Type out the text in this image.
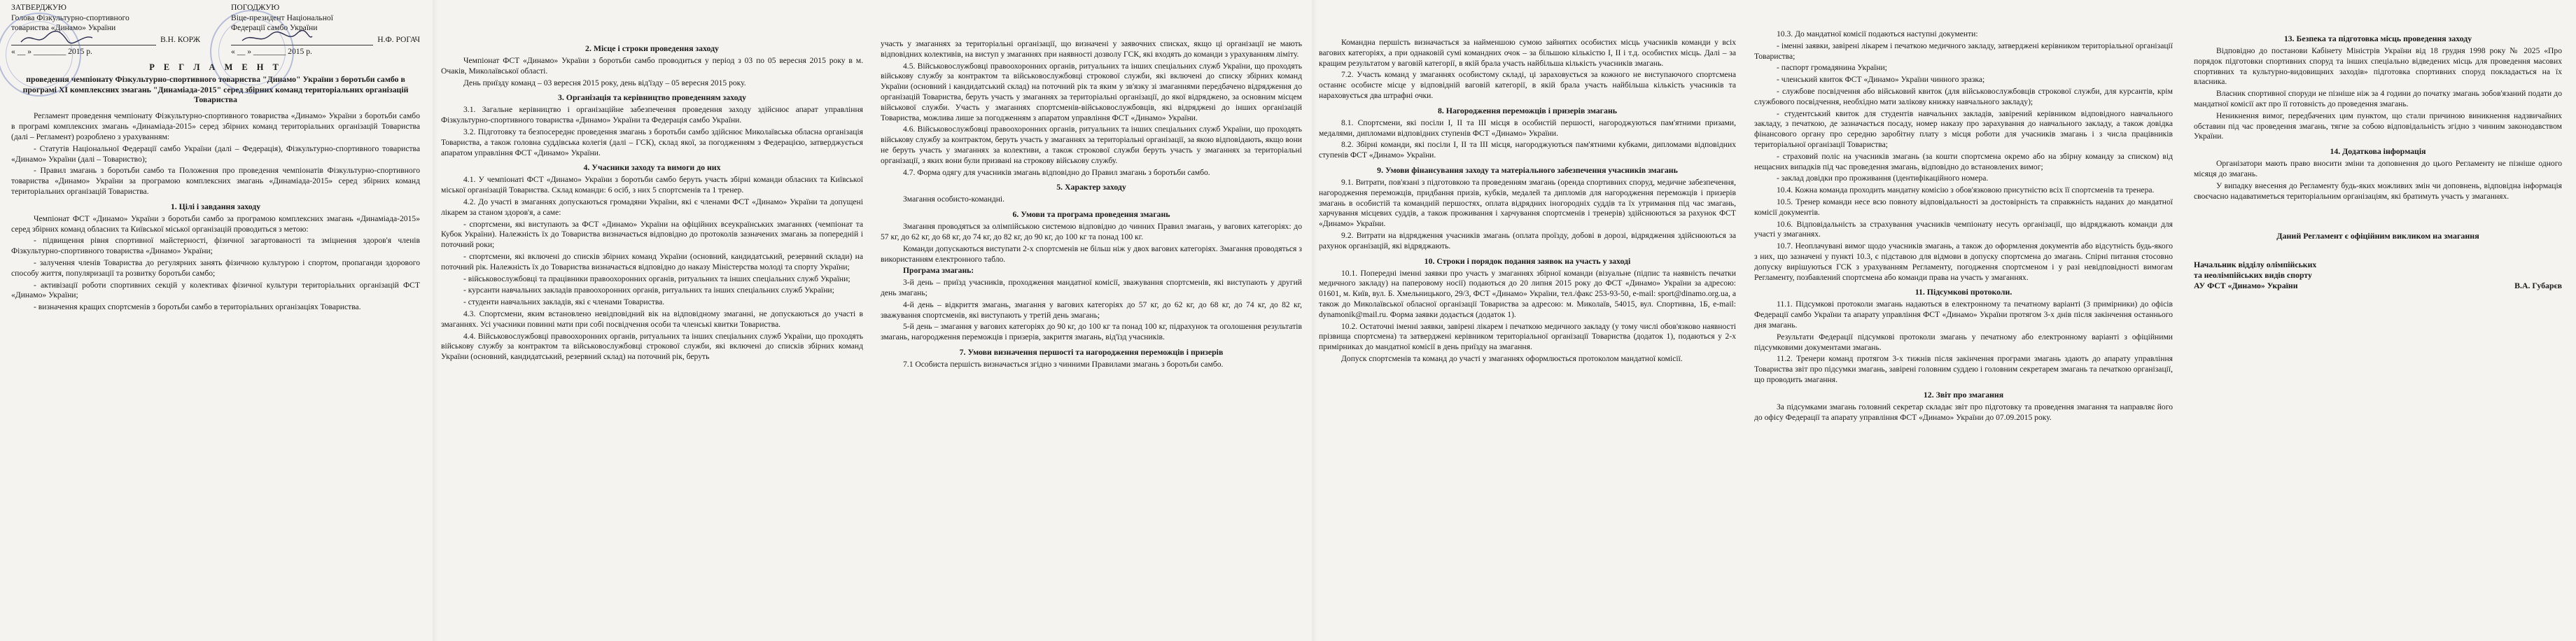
ЗАТВЕРДЖУЮ
Голова Фізкультурно-спортивного
товариства «Динамо» України
В.Н. КОРЖ
« __ » ________ 2015 р.
ПОГОДЖУЮ
Віце-президент Національної
Федерації самбо України
Н.Ф. РОГАЧ
« __ » ________ 2015 р.
Р Е Г Л А М Е Н Т
проведення чемпіонату Фізкультурно-спортивного товариства "Динамо" України з боротьби самбо в програмі XI комплексних змагань "Динаміада-2015" серед збірних команд територіальних організацій Товариства

Регламент проведення чемпіонату Фізкультурно-спортивного товариства «Динамо» України з боротьби самбо в програмі комплексних змагань «Динаміада-2015» серед збірних команд територіальних організацій Товариства (далі – Регламент) розроблено з урахуванням:

- Статутів Національної Федерації самбо України (далі – Федерація), Фізкультурно-спортивного товариства «Динамо» України (далі – Товариство);

- Правил змагань з боротьби самбо та Положення про проведення чемпіонатів Фізкультурно-спортивного товариства «Динамо» України за програмою комплексних змагань «Динаміада-2015» серед збірних команд територіальних організацій Товариства.

1. Цілі і завдання заходу

Чемпіонат ФСТ «Динамо» України з боротьби самбо за програмою комплексних змагань «Динаміада-2015» серед збірних команд обласних та Київської міської організацій проводиться з метою:

- підвищення рівня спортивної майстерності, фізичної загартованості та зміцнення здоров'я членів Фізкультурно-спортивного товариства «Динамо» України;

- залучення членів Товариства до регулярних занять фізичною культурою і спортом, пропаганди здорового способу життя, популяризації та розвитку боротьби самбо;

- активізації роботи спортивних секцій у колективах фізичної культури територіальних організацій ФСТ «Динамо» України;

- визначення кращих спортсменів з боротьби самбо в територіальних організаціях Товариства.

2. Місце і строки проведення заходу

Чемпіонат ФСТ «Динамо» України з боротьби самбо проводиться у період з 03 по 05 вересня 2015 року в м. Очаків, Миколаївської області.

День приїзду команд – 03 вересня 2015 року, день від'їзду – 05 вересня 2015 року.

3. Організація та керівництво проведенням заходу

3.1. Загальне керівництво і організаційне забезпечення проведення заходу здійснює апарат управління Фізкультурно-спортивного товариства «Динамо» України та Федерація самбо України.

3.2. Підготовку та безпосереднє проведення змагань з боротьби самбо здійснює Миколаївська обласна організація Товариства, а також головна суддівська колегія (далі – ГСК), склад якої, за погодженням з Федерацією, затверджується апаратом управління ФСТ «Динамо» України.

4. Учасники заходу та вимоги до них

4.1. У чемпіонаті ФСТ «Динамо» України з боротьби самбо беруть участь збірні команди обласних та Київської міської організацій Товариства. Склад команди: 6 осіб, з них 5 спортсменів та 1 тренер.

4.2. До участі в змаганнях допускаються громадяни України, які є членами ФСТ «Динамо» України та допущені лікарем за станом здоров'я, а саме:

- спортсмени, які виступають за ФСТ «Динамо» України на офіційних всеукраїнських змаганнях (чемпіонат та Кубок України). Належність їх до Товариства визначається відповідно до протоколів зазначених змагань за попередній і поточний роки;

- спортсмени, які включені до списків збірних команд України (основний, кандидатський, резервний склади) на поточний рік. Належність їх до Товариства визначається відповідно до наказу Міністерства молоді та спорту України;

- військовослужбовці та працівники правоохоронних органів, ритуальних та інших спеціальних служб України;

- курсанти навчальних закладів правоохоронних органів, ритуальних та інших спеціальних служб України;

- студенти навчальних закладів, які є членами Товариства.

4.3. Спортсмени, яким встановлено невідповідний вік на відповідному змаганні, не допускаються до участі в змаганнях. Усі учасники повинні мати при собі посвідчення особи та членські квитки Товариства.

4.4. Військовослужбовці правоохоронних органів, ритуальних та інших спеціальних служб України, що проходять військову службу за контрактом та військовослужбовці строкової служби, які включені до списків збірних команд України (основний, кандидатський, резервний склад) на поточний рік, беруть

участь у змаганнях за територіальні організації, що визначені у заявочних списках, якщо ці організації не мають відповідних колективів, на виступ у змаганнях при наявності дозволу ГСК, які входять до команди з урахуванням ліміту.

4.5. Військовослужбовці правоохоронних органів, ритуальних та інших спеціальних служб України, що проходять військову службу за контрактом та військовослужбовці строкової служби, які включені до списку збірних команд України (основний і кандидатський склад) на поточний рік та яким у зв'язку зі змаганнями передбачено відрядження до організацій Товариства, беруть участь у змаганнях за територіальні організації, до якої відряджено, за основним місцем військової служби. Участь у змаганнях спортсменів-військовослужбовців, які відряджені до інших організацій Товариства, можлива лише за погодженням з апаратом управління ФСТ «Динамо» України.

4.6. Військовослужбовці правоохоронних органів, ритуальних та інших спеціальних служб України, що проходять військову службу за контрактом, беруть участь у змаганнях за територіальні організації, за якою відповідають, якщо вони не беруть участь у змаганнях за колективи, а також строкової служби беруть участь у змаганнях за територіальні організації, з яких вони були призвані на строкову військову службу.

4.7. Форма одягу для учасників змагань відповідно до Правил змагань з боротьби самбо.

5. Характер заходу

Змагання особисто-командні.

6. Умови та програма проведення змагань

Змагання проводяться за олімпійською системою відповідно до чинних Правил змагань, у вагових категоріях: до 57 кг, до 62 кг, до 68 кг, до 74 кг, до 82 кг, до 90 кг, до 100 кг та понад 100 кг.

Команди допускаються виступати 2-х спортсменів не більш ніж у двох вагових категоріях. Змагання проводяться з використанням електронного табло.

Програма змагань:

3-й день – приїзд учасників, проходження мандатної комісії, зважування спортсменів, які виступають у другий день змагань;

4-й день – відкриття змагань, змагання у вагових категоріях до 57 кг, до 62 кг, до 68 кг, до 74 кг, до 82 кг, зважування спортсменів, які виступають у третій день змагань;

5-й день – змагання у вагових категоріях до 90 кг, до 100 кг та понад 100 кг, підрахунок та оголошення результатів змагань, нагородження переможців і призерів, закриття змагань, від'їзд учасників.

7. Умови визначення першості та нагородження переможців і призерів

7.1 Особиста першість визначається згідно з чинними Правилами змагань з боротьби самбо.

Командна першість визначається за найменшою сумою зайнятих особистих місць учасників команди у всіх вагових категоріях, а при однаковій сумі командних очок – за більшою кількістю I, II і т.д. особистих місць. Далі – за кращим результатом у ваговій категорії, в якій брала участь найбільша кількість учасників змагань.

7.2. Участь команд у змаганнях особистому складі, ці зараховується за кожного не виступаючого спортсмена останнє особисте місце у відповідній ваговій категорії, в якій брала участь найбільша кількість учасників та нараховується два штрафні очки.

8. Нагородження переможців і призерів змагань

8.1. Спортсмени, які посіли I, II та III місця в особистій першості, нагороджуються пам'ятними призами, медалями, дипломами відповідних ступенів ФСТ «Динамо» України.

8.2. Збірні команди, які посіли I, II та III місця, нагороджуються пам'ятними кубками, дипломами відповідних ступенів ФСТ «Динамо» України.

9. Умови фінансування заходу та матеріального забезпечення учасників змагань

9.1. Витрати, пов'язані з підготовкою та проведенням змагань (оренда спортивних споруд, медичне забезпечення, нагородження переможців, придбання призів, кубків, медалей та дипломів для нагородження переможців і призерів змагань в особистій та командній першостях, оплата відрядних іногородніх суддів та їх утримання під час змагань, харчування місцевих суддів, а також проживання і харчування спортсменів і тренерів) здійснюються за рахунок ФСТ «Динамо» України.

9.2. Витрати на відрядження учасників змагань (оплата проїзду, добові в дорозі, відрядження здійснюються за рахунок організацій, які відряджають.

10. Строки і порядок подання заявок на участь у заході

10.1. Попередні іменні заявки про участь у змаганнях збірної команди (візуальне (підпис та наявність печатки медичного закладу) на паперовому носії) подаються до 20 липня 2015 року до ФСТ «Динамо» України за адресою: 01601, м. Київ, вул. Б. Хмельницького, 29/3, ФСТ «Динамо» України, тел./факс 253-93-50, e-mail: sport@dinamo.org.ua, а також до Миколаївської обласної організації Товариства за адресою: м. Миколаїв, 54015, вул. Спортивна, 1Б, e-mail: dynamonik@mail.ru. Форма заявки додається (додаток 1).

10.2. Остаточні іменні заявки, завірені лікарем і печаткою медичного закладу (у тому числі обов'язково наявності прізвища спортсмена) та затверджені керівником територіальної організації Товариства (додаток 1), подаються у 2-х примірниках до мандатної комісії в день приїзду на змагання.

Допуск спортсменів та команд до участі у змаганнях оформлюється протоколом мандатної комісії.

10.3. До мандатної комісії подаються наступні документи:

- іменні заявки, завірені лікарем і печаткою медичного закладу, затверджені керівником територіальної організації Товариства;

- паспорт громадянина України;

- членський квиток ФСТ «Динамо» України чинного зразка;

- службове посвідчення або військовий квиток (для військовослужбовців строкової служби, для курсантів, крім службового посвідчення, необхідно мати залікову книжку навчального закладу);

- студентський квиток для студентів навчальних закладів, завірений керівником відповідного навчального закладу, з печаткою, де зазначається посаду, номер наказу про зарахування до навчального закладу, а також довідка фінансового органу про середню заробітну плату з місця роботи для учасників змагань і з числа працівників територіальної організації Товариства;

- страховий поліс на учасників змагань (за кошти спортсмена окремо або на збірну команду за списком) від нещасних випадків під час проведення змагань, відповідно до встановлених вимог;

- заклад довідки про проживання (ідентифікаційного номера.

10.4. Кожна команда проходить мандатну комісію з обов'язковою присутністю всіх її спортсменів та тренера.

10.5. Тренер команди несе всю повноту відповідальності за достовірність та справжність наданих до мандатної комісії документів.

10.6. Відповідальність за страхування учасників чемпіонату несуть організації, що відряджають команди для участі у змаганнях.

10.7. Неоплачувані вимог щодо учасників змагань, а також до оформлення документів або відсутність будь-якого з них, що зазначені у пункті 10.3, є підставою для відмови в допуску спортсмена до змагань. Спірні питання стосовно допуску вирішуються ГСК з урахуванням Регламенту, погодження спортсменом і у разі невідповідності вимогам Регламенту, позбавлений спортсмена або команди права на участь у змаганнях.

11. Підсумкові протоколи.

11.1. Підсумкові протоколи змагань надаються в електронному та печатному варіанті (3 примірники) до офісів Федерації самбо України та апарату управління ФСТ «Динамо» України протягом 3-х днів після закінчення останнього дня змагань.

Результати Федерації підсумкові протоколи змагань у печатному або електронному варіанті з офіційними підсумковими документами змагань.

11.2. Тренери команд протягом 3-х тижнів після закінчення програми змагань здають до апарату управління Товариства звіт про підсумки змагань, завірені головним суддею і головним секретарем змагань та печаткою організації, що проводить змагання.

12. Звіт про змагання

За підсумками змагань головний секретар складає звіт про підготовку та проведення змагання та направляє його до офісу Федерації та апарату управління ФСТ «Динамо» України до 07.09.2015 року.

13. Безпека та підготовка місць проведення заходу

Відповідно до постанови Кабінету Міністрів України від 18 грудня 1998 року № 2025 «Про порядок підготовки спортивних споруд та інших спеціально відведених місць для проведення масових спортивних та культурно-видовищних заходів» підготовка спортивних споруд покладається на їх власника.

Власник спортивної споруди не пізніше ніж за 4 години до початку змагань зобов'язаний подати до мандатної комісії акт про її готовність до проведення змагань.

Неникнення вимог, передбачених цим пунктом, що стали причиною виникнення надзвичайних обставин під час проведення змагань, тягне за собою відповідальність згідно з чинним законодавством України.

14. Додаткова інформація

Організатори мають право вносити зміни та доповнення до цього Регламенту не пізніше одного місяця до змагань.

У випадку внесення до Регламенту будь-яких можливих змін чи доповнень, відповідна інформація своєчасно надаватиметься територіальним організаціям, які братимуть участь у змаганнях.

Даний Регламент є офіційним викликом на змагання
Начальник відділу олімпійських
та неолімпійських видів спорту
АУ ФСТ «Динамо» України	В.А. Губарєв
